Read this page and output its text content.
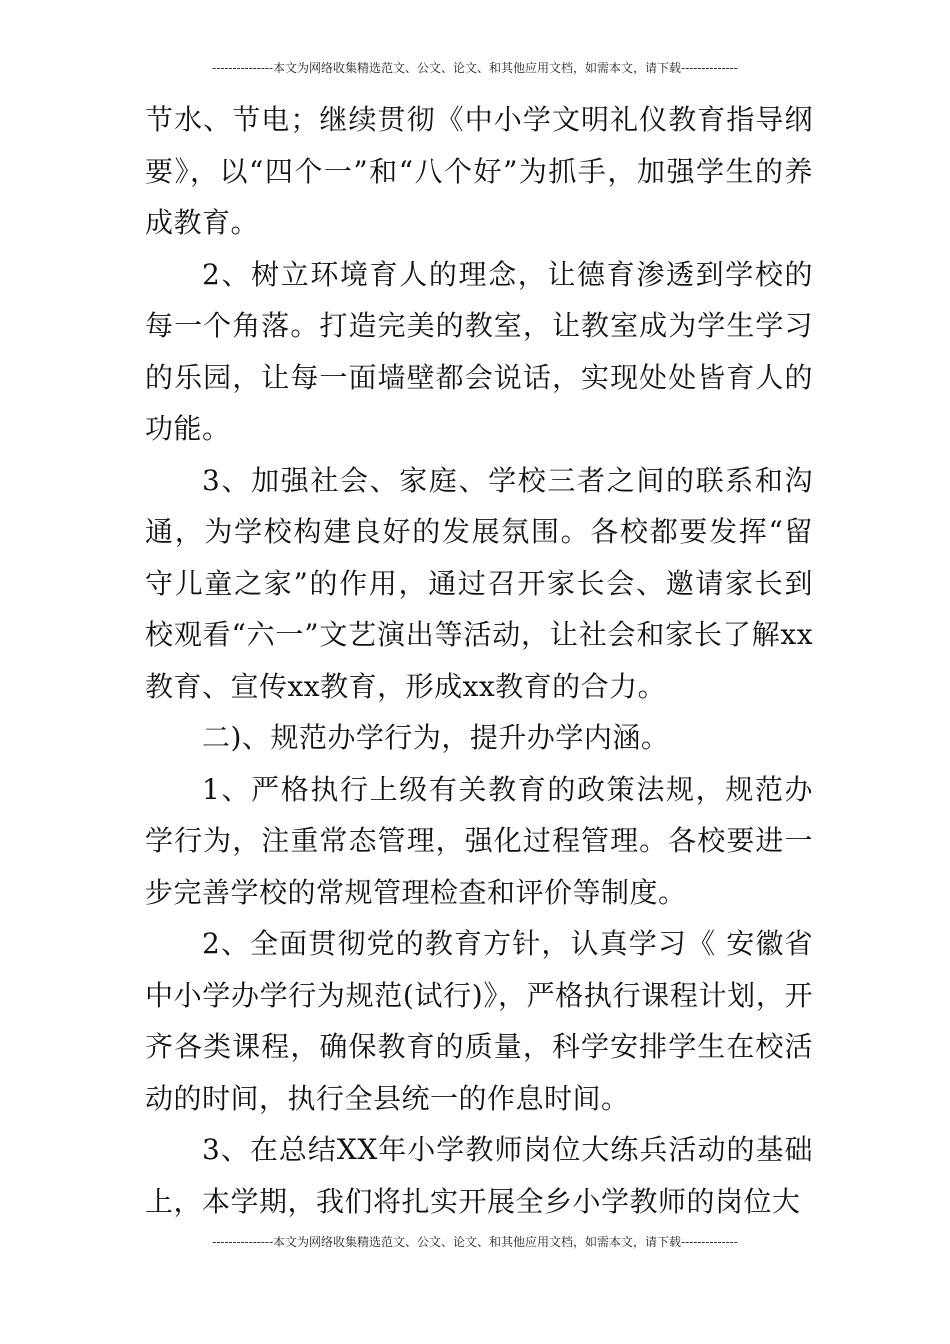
---------------本文为网络收集精选范文、公文、论文、和其他应用文档，如需本文，请下载--------------

节水、节电；继续贯彻《中小学文明礼仪教育指导纲要》，以“四个一”和“八个好”为抓手，加强学生的养成教育。

2、树立环境育人的理念，让德育渗透到学校的每一个角落。打造完美的教室，让教室成为学生学习的乐园，让每一面墙壁都会说话，实现处处皆育人的功能。

3、加强社会、家庭、学校三者之间的联系和沟通，为学校构建良好的发展氛围。各校都要发挥“留守儿童之家”的作用，通过召开家长会、邀请家长到校观看“六一”文艺演出等活动，让社会和家长了解xx教育、宣传xx教育，形成xx教育的合力。

二)、规范办学行为，提升办学内涵。

1、严格执行上级有关教育的政策法规，规范办学行为，注重常态管理，强化过程管理。各校要进一步完善学校的常规管理检查和评价等制度。

2、全面贯彻党的教育方针，认真学习《 安徽省中小学办学行为规范(试行)》，严格执行课程计划，开齐各类课程，确保教育的质量，科学安排学生在校活动的时间，执行全县统一的作息时间。

3、在总结XX年小学教师岗位大练兵活动的基础上，本学期，我们将扎实开展全乡小学教师的岗位大

---------------本文为网络收集精选范文、公文、论文、和其他应用文档，如需本文，请下载--------------
